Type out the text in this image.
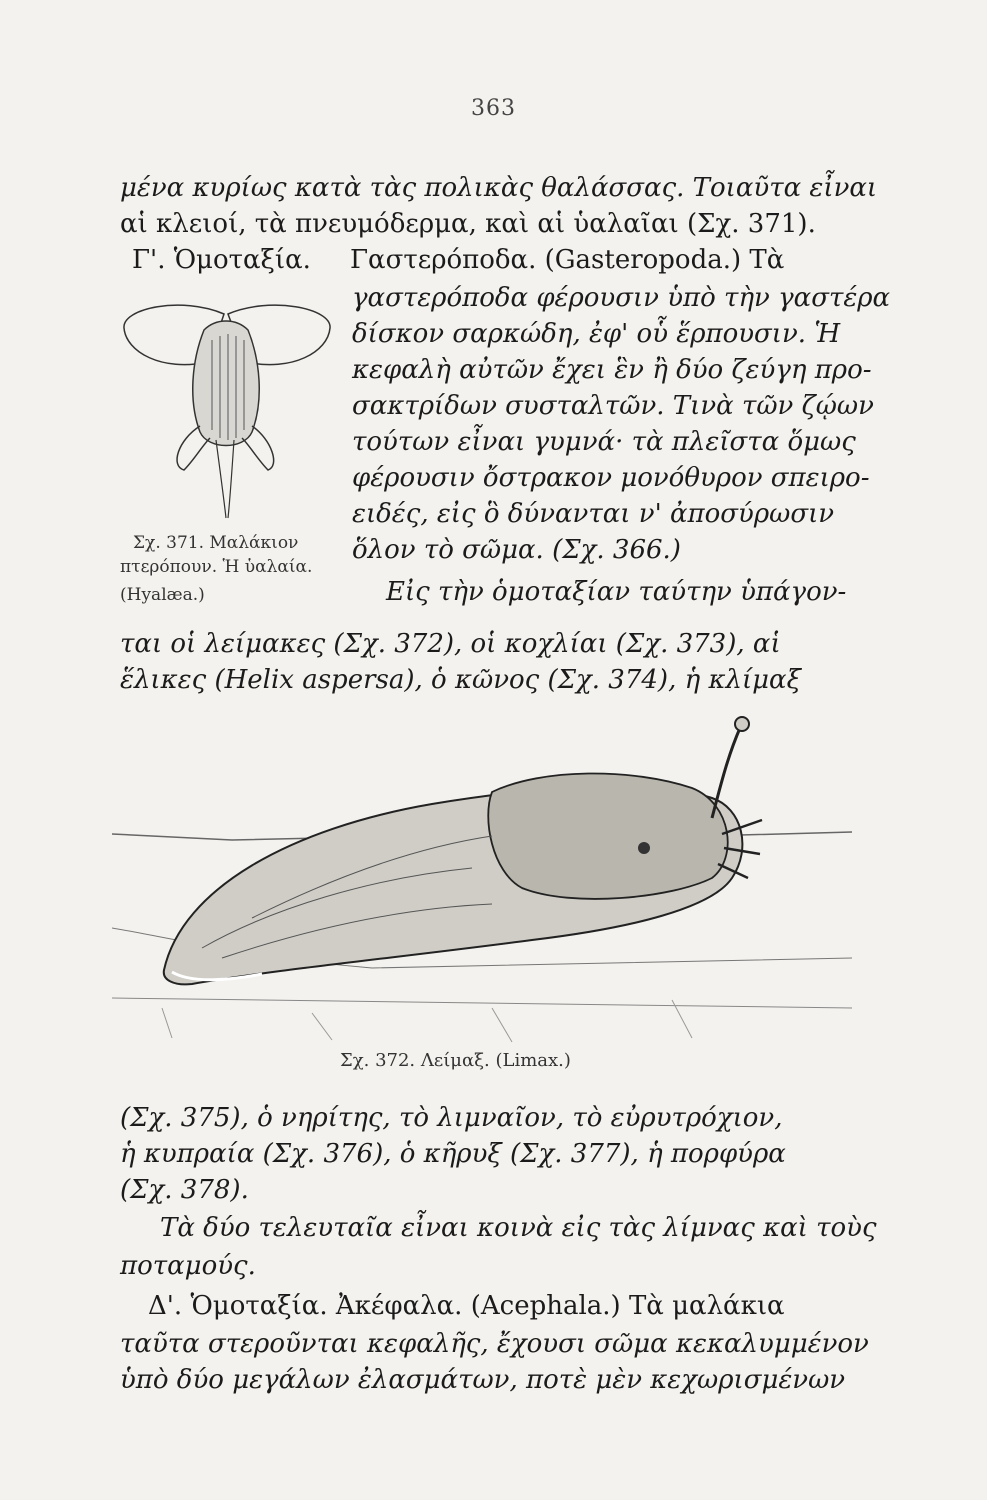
363
μένα κυρίως κατὰ τὰς πολικὰς θαλάσσας. Τοιαῦτα εἶναι
αἱ κλειοί, τὰ πνευμόδερμα, καὶ αἱ ὑαλαῖαι (Σχ. 371).
Γ'. Ὁμοταξία. Γαστερόποδα. (Gasteropoda.) Τὰ
γαστερόποδα φέρουσιν ὑπὸ τὴν γαστέρα
δίσκον σαρκώδη, ἐφ' οὗ ἕρπουσιν. Ἡ
κεφαλὴ αὐτῶν ἔχει ἓν ἢ δύο ζεύγη προ-
σακτρίδων συσταλτῶν. Τινὰ τῶν ζῴων
τούτων εἶναι γυμνά· τὰ πλεῖστα ὅμως
φέρουσιν ὄστρακον μονόθυρον σπειρο-
ειδές, εἰς ὃ δύνανται ν' ἀποσύρωσιν
ὅλον τὸ σῶμα. (Σχ. 366.)
Εἰς τὴν ὁμοταξίαν ταύτην ὑπάγον-
Σχ. 371. Μαλάκιον
πτερόπουν. Ἡ ὑαλαία.
(Hyalæa.)
ται οἱ λείμακες (Σχ. 372), οἱ κοχλίαι (Σχ. 373), αἱ
ἕλικες (Helix aspersa), ὁ κῶνος (Σχ. 374), ἡ κλίμαξ
Σχ. 372. Λείμαξ. (Limax.)
(Σχ. 375), ὁ νηρίτης, τὸ λιμναῖον, τὸ εὐρυτρόχιον,
ἡ κυπραία (Σχ. 376), ὁ κῆρυξ (Σχ. 377), ἡ πορφύρα
(Σχ. 378).
Τὰ δύο τελευταῖα εἶναι κοινὰ εἰς τὰς λίμνας καὶ τοὺς
ποταμούς.
Δ'. Ὁμοταξία. Ἀκέφαλα. (Acephala.) Τὰ μαλάκια
ταῦτα στεροῦνται κεφαλῆς, ἔχουσι σῶμα κεκαλυμμένον
ὑπὸ δύο μεγάλων ἐλασμάτων, ποτὲ μὲν κεχωρισμένων
